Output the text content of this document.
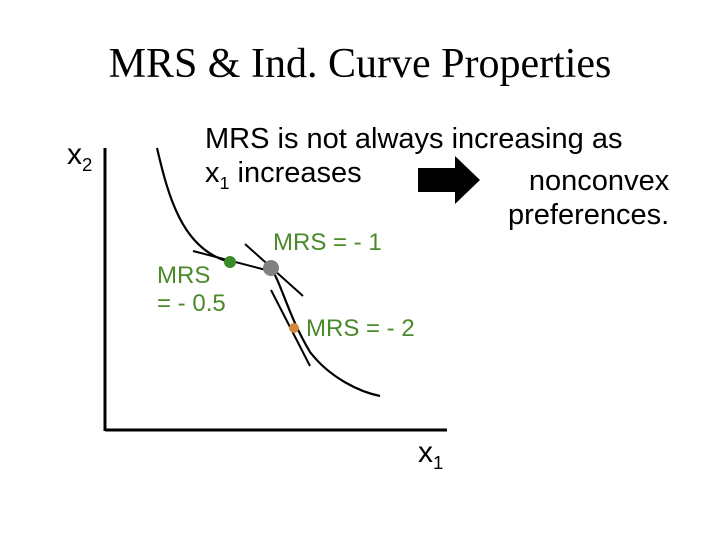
MRS & Ind. Curve Properties
$x_2$
MRS is not always increasing as
$x_1$ increases	nonconvex
preferences.
MRS
= - 0.5
MRS = - 1
MRS = - 2
$x_1$
